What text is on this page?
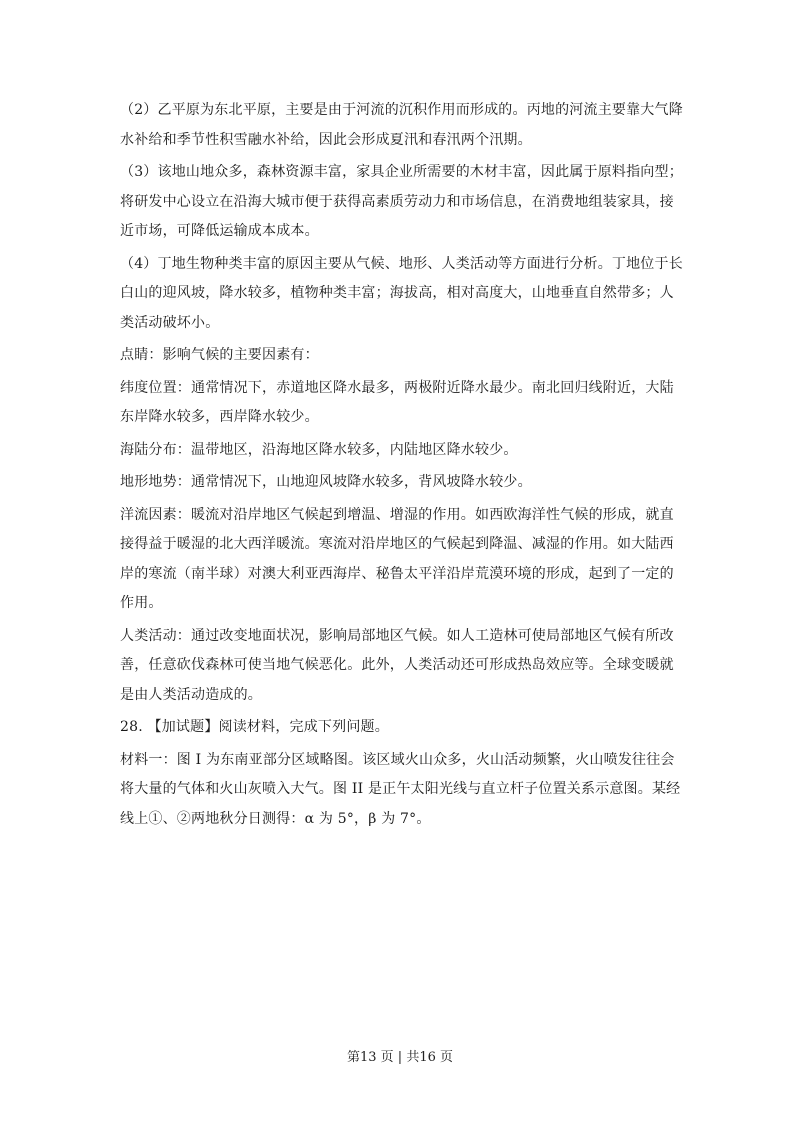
（2）乙平原为东北平原，主要是由于河流的沉积作用而形成的。丙地的河流主要靠大气降
水补给和季节性积雪融水补给，因此会形成夏汛和春汛两个汛期。
（3）该地山地众多，森林资源丰富，家具企业所需要的木材丰富，因此属于原料指向型；
将研发中心设立在沿海大城市便于获得高素质劳动力和市场信息，在消费地组装家具，接
近市场，可降低运输成本成本。
（4）丁地生物种类丰富的原因主要从气候、地形、人类活动等方面进行分析。丁地位于长
白山的迎风坡，降水较多，植物种类丰富；海拔高，相对高度大，山地垂直自然带多；人
类活动破坏小。
点睛：影响气候的主要因素有：
纬度位置：通常情况下，赤道地区降水最多，两极附近降水最少。南北回归线附近，大陆
东岸降水较多，西岸降水较少。
海陆分布：温带地区，沿海地区降水较多，内陆地区降水较少。
地形地势：通常情况下，山地迎风坡降水较多，背风坡降水较少。
洋流因素：暖流对沿岸地区气候起到增温、增湿的作用。如西欧海洋性气候的形成，就直
接得益于暖湿的北大西洋暖流。寒流对沿岸地区的气候起到降温、减湿的作用。如大陆西
岸的寒流（南半球）对澳大利亚西海岸、秘鲁太平洋沿岸荒漠环境的形成，起到了一定的
作用。
人类活动：通过改变地面状况，影响局部地区气候。如人工造林可使局部地区气候有所改
善，任意砍伐森林可使当地气候恶化。此外，人类活动还可形成热岛效应等。全球变暖就
是由人类活动造成的。
28. 【加试题】阅读材料，完成下列问题。
材料一：图 I 为东南亚部分区域略图。该区域火山众多，火山活动频繁，火山喷发往往会
将大量的气体和火山灰喷入大气。图 II 是正午太阳光线与直立杆子位置关系示意图。某经
线上①、②两地秋分日测得：α 为 5°，β 为 7°。
第13 页 | 共16 页
